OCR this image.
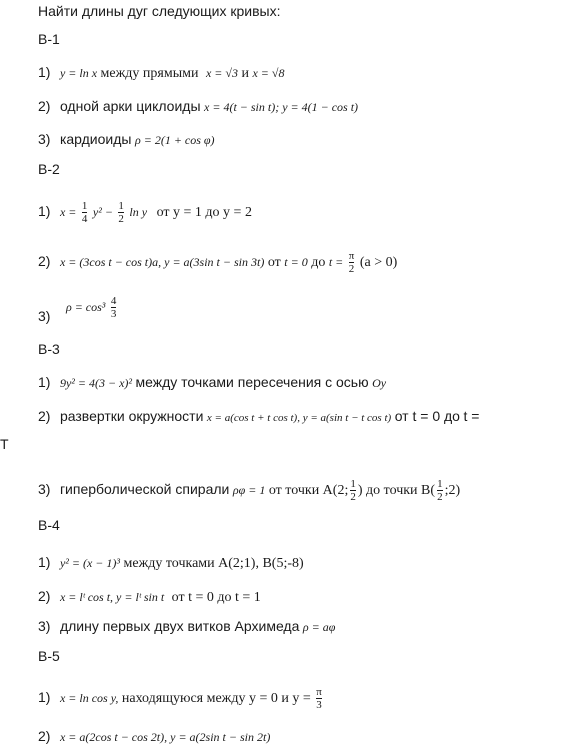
Найти длины дуг следующих кривых:
В-1
1) y = ln x между прямыми x = √3 и x = √8
2) одной арки циклоиды x = 4(t − sin t); y = 4(1 − cos t)
3) кардиоиды ρ = 2(1 + cos φ)
В-2
1) $x = \frac{1}{4} y^2 - \frac{1}{2}$ ln y от y = 1 до y = 2
2) x = (3cos t − cos t)a, y = a(3sin t − sin 3t) от t = 0 до $t = \frac{\pi}{2} (a > 0)$
3) $\rho = \cos^3 \frac{4}{3}$
В-3
1) 9y² = 4(3 − x)² между точками пересечения с осью Oy
2) развертки окружности x = a(cos t + t cos t), y = a(sin t − t cos t) от t = 0 до t =
Т
3) гиперболической спирали ρφ = 1 от точки А(2; $\frac{1}{2}$ ) до точки $В( \frac{1}{2}$ ;2)
В-4
1) y² = (x − 1)³ между точками А(2;1), В(5;-8)
2) x = lᵗ cos t, y = lᵗ sin t от t = 0 до t = 1
3) длину первых двух витков Архимеда ρ = aφ
В-5
1) x = ln cos y, находящуюся между y = 0 и $y = \frac{\pi}{3}$
2) x = a(2cos t − cos 2t), y = a(2sin t − sin 2t)
